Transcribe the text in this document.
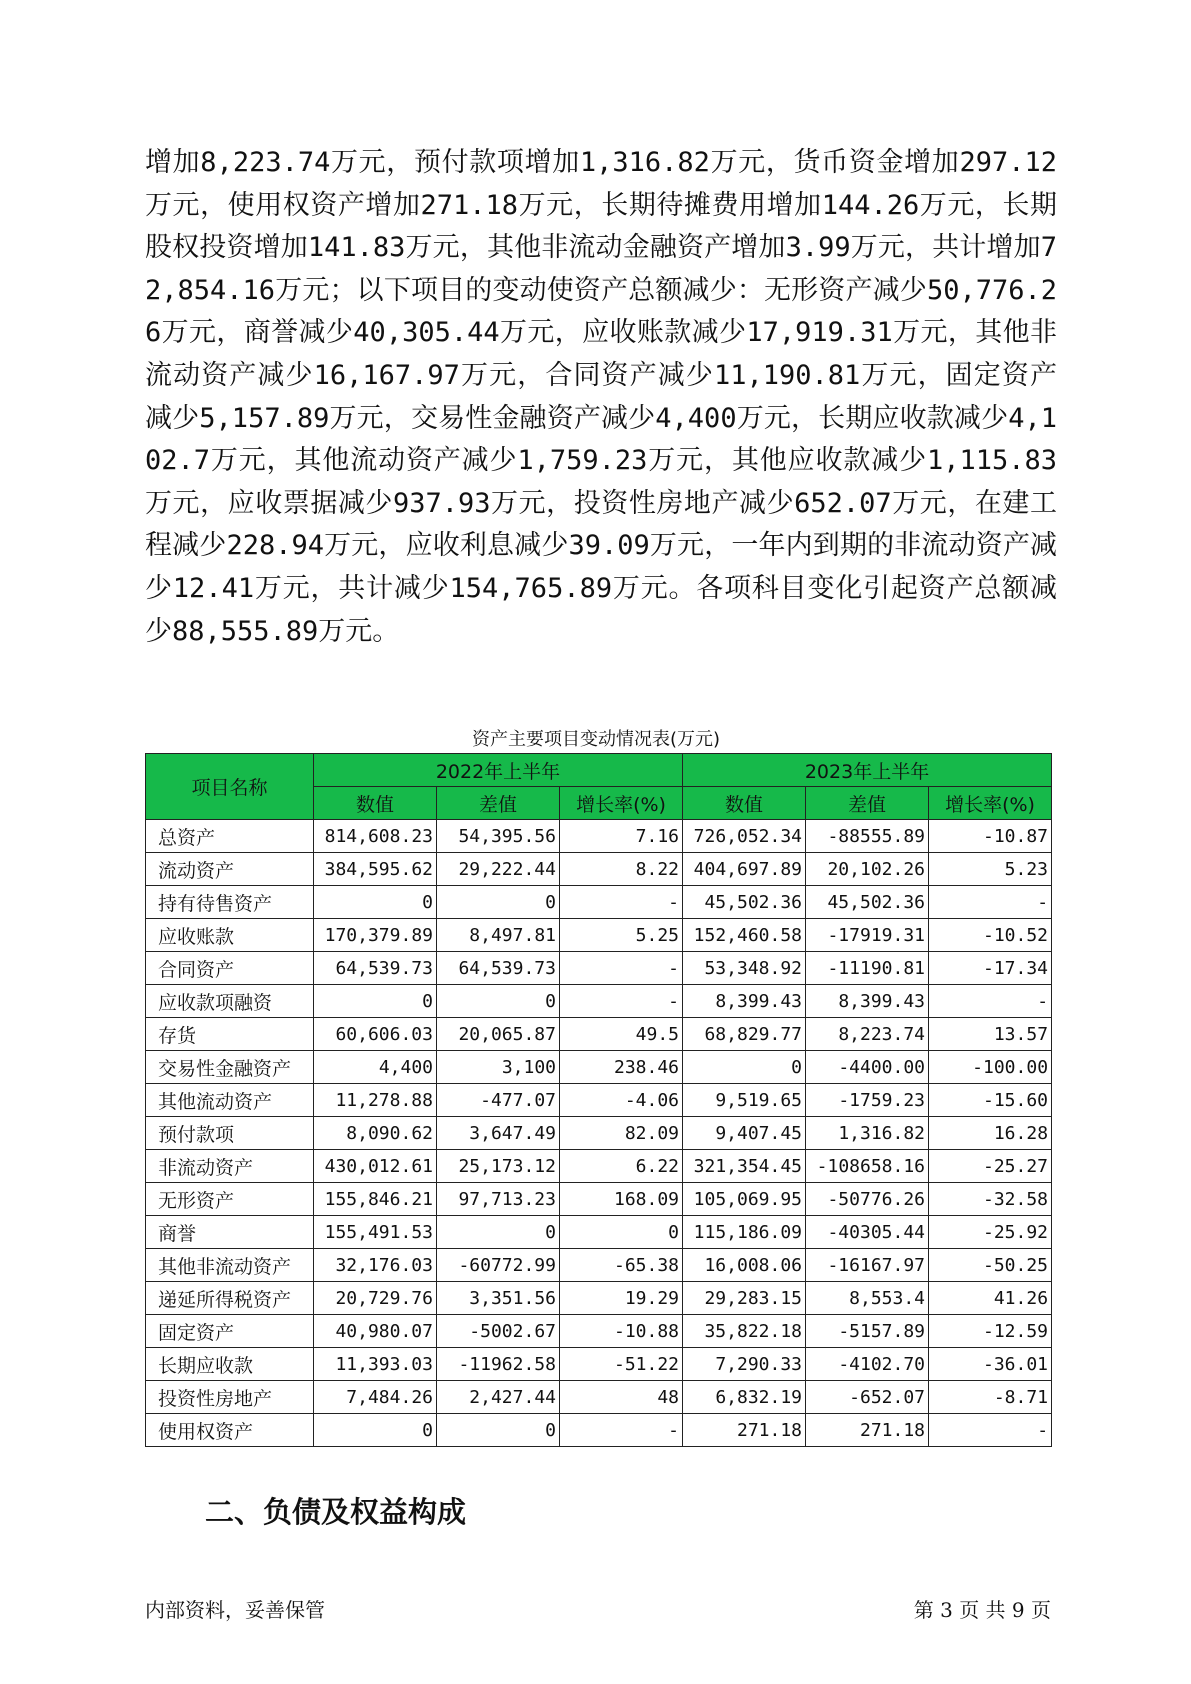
增加8,223.74万元，预付款项增加1,316.82万元，货币资金增加297.12万元，使用权资产增加271.18万元，长期待摊费用增加144.26万元，长期股权投资增加141.83万元，其他非流动金融资产增加3.99万元，共计增加72,854.16万元；以下项目的变动使资产总额减少：无形资产减少50,776.26万元，商誉减少40,305.44万元，应收账款减少17,919.31万元，其他非流动资产减少16,167.97万元，合同资产减少11,190.81万元，固定资产减少5,157.89万元，交易性金融资产减少4,400万元，长期应收款减少4,102.7万元，其他流动资产减少1,759.23万元，其他应收款减少1,115.83万元，应收票据减少937.93万元，投资性房地产减少652.07万元，在建工程减少228.94万元，应收利息减少39.09万元，一年内到期的非流动资产减少12.41万元，共计减少154,765.89万元。各项科目变化引起资产总额减少88,555.89万元。
资产主要项目变动情况表(万元)
项目名称	2022年上半年			2023年上半年		
	数值	差值	增长率(%)	数值	差值	增长率(%)
总资产	814,608.23	54,395.56	7.16	726,052.34	-88555.89	-10.87
流动资产	384,595.62	29,222.44	8.22	404,697.89	20,102.26	5.23
持有待售资产	0	0	-	45,502.36	45,502.36	-
应收账款	170,379.89	8,497.81	5.25	152,460.58	-17919.31	-10.52
合同资产	64,539.73	64,539.73	-	53,348.92	-11190.81	-17.34
应收款项融资	0	0	-	8,399.43	8,399.43	-
存货	60,606.03	20,065.87	49.5	68,829.77	8,223.74	13.57
交易性金融资产	4,400	3,100	238.46	0	-4400.00	-100.00
其他流动资产	11,278.88	-477.07	-4.06	9,519.65	-1759.23	-15.60
预付款项	8,090.62	3,647.49	82.09	9,407.45	1,316.82	16.28
非流动资产	430,012.61	25,173.12	6.22	321,354.45	-108658.16	-25.27
无形资产	155,846.21	97,713.23	168.09	105,069.95	-50776.26	-32.58
商誉	155,491.53	0	0	115,186.09	-40305.44	-25.92
其他非流动资产	32,176.03	-60772.99	-65.38	16,008.06	-16167.97	-50.25
递延所得税资产	20,729.76	3,351.56	19.29	29,283.15	8,553.4	41.26
固定资产	40,980.07	-5002.67	-10.88	35,822.18	-5157.89	-12.59
长期应收款	11,393.03	-11962.58	-51.22	7,290.33	-4102.70	-36.01
投资性房地产	7,484.26	2,427.44	48	6,832.19	-652.07	-8.71
使用权资产	0	0	-	271.18	271.18	-
二、负债及权益构成
内部资料，妥善保管	第 3 页 共 9 页
